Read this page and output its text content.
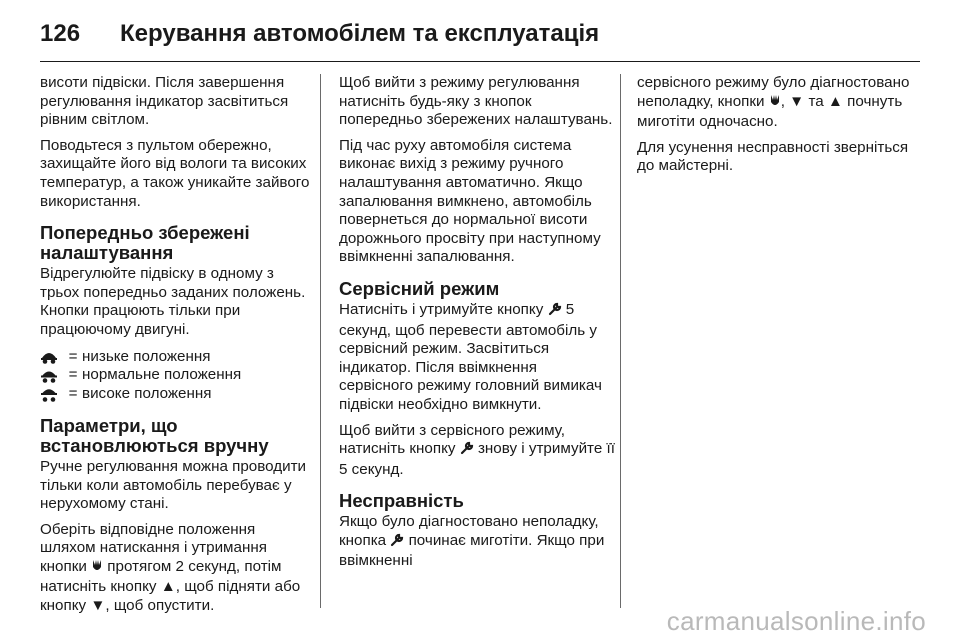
126	Керування автомобілем та експлуатація

висоти підвіски. Після завершення регулювання індикатор засвітиться рівним світлом.

Поводьтеся з пультом обережно, захищайте його від вологи та високих температур, а також уникайте зайвого використання.

Попередньо збережені налаштування

Відрегулюйте підвіску в одному з трьох попередньо заданих положень. Кнопки працюють тільки при працюючому двигуні.

= низьке положення
= нормальне положення
= високе положення
Параметри, що встановлюються вручну

Ручне регулювання можна проводити тільки коли автомобіль перебуває у нерухомому стані.

Оберіть відповідне положення шляхом натискання і утримання кнопки  протягом 2 секунд, потім натисніть кнопку ▲, щоб підняти або кнопку ▼, щоб опустити.

Щоб вийти з режиму регулювання натисніть будь-яку з кнопок попередньо збережених налаштувань.

Під час руху автомобіля система виконає вихід з режиму ручного налаштування автоматично. Якщо запалювання вимкнено, автомобіль повернеться до нормальної висоти дорожнього просвіту при наступному ввімкненні запалювання.

Сервісний режим

Натисніть і утримуйте кнопку  5 секунд, щоб перевести автомобіль у сервісний режим. Засвітиться індикатор. Після ввімкнення сервісного режиму головний вимикач підвіски необхідно вимкнути.

Щоб вийти з сервісного режиму, натисніть кнопку  знову і утримуйте її 5 секунд.

Несправність

Якщо було діагностовано неполадку, кнопка  починає миготіти. Якщо при ввімкненні

сервісного режиму було діагностовано неполадку, кнопки , ▼ та ▲ почнуть миготіти одночасно.

Для усунення несправності зверніться до майстерні.

carmanualsonline.info
